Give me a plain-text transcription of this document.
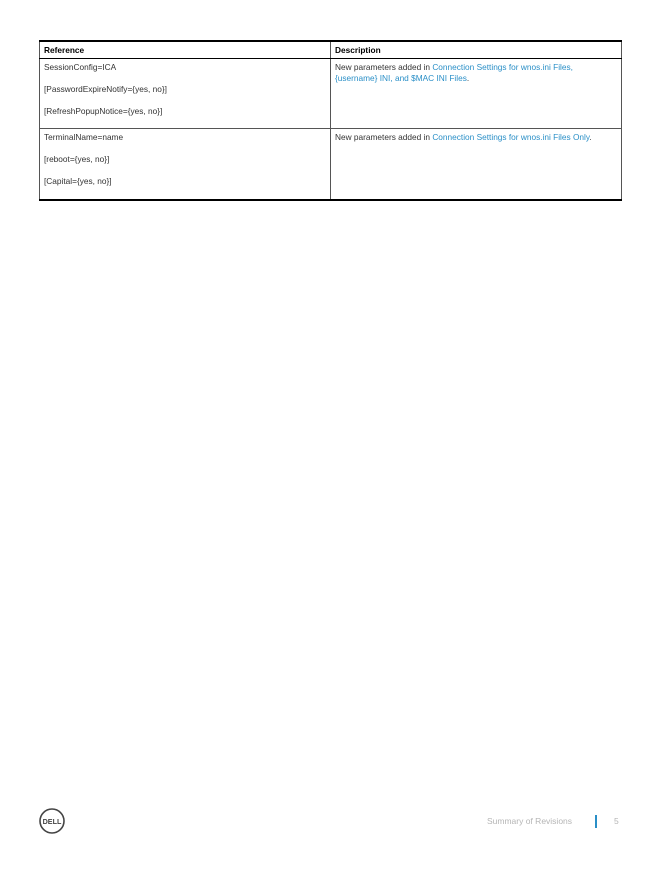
Reference	Description

SessionConfig=ICA
[PasswordExpireNotify={yes, no}]
[RefreshPopupNotice={yes, no}]	New parameters added in Connection Settings for wnos.ini Files, {username} INI, and $MAC INI Files.

TerminalName=name
[reboot={yes, no}]
[Capital={yes, no}]	New parameters added in Connection Settings for wnos.ini Files Only.
DELL	Summary of Revisions	5
